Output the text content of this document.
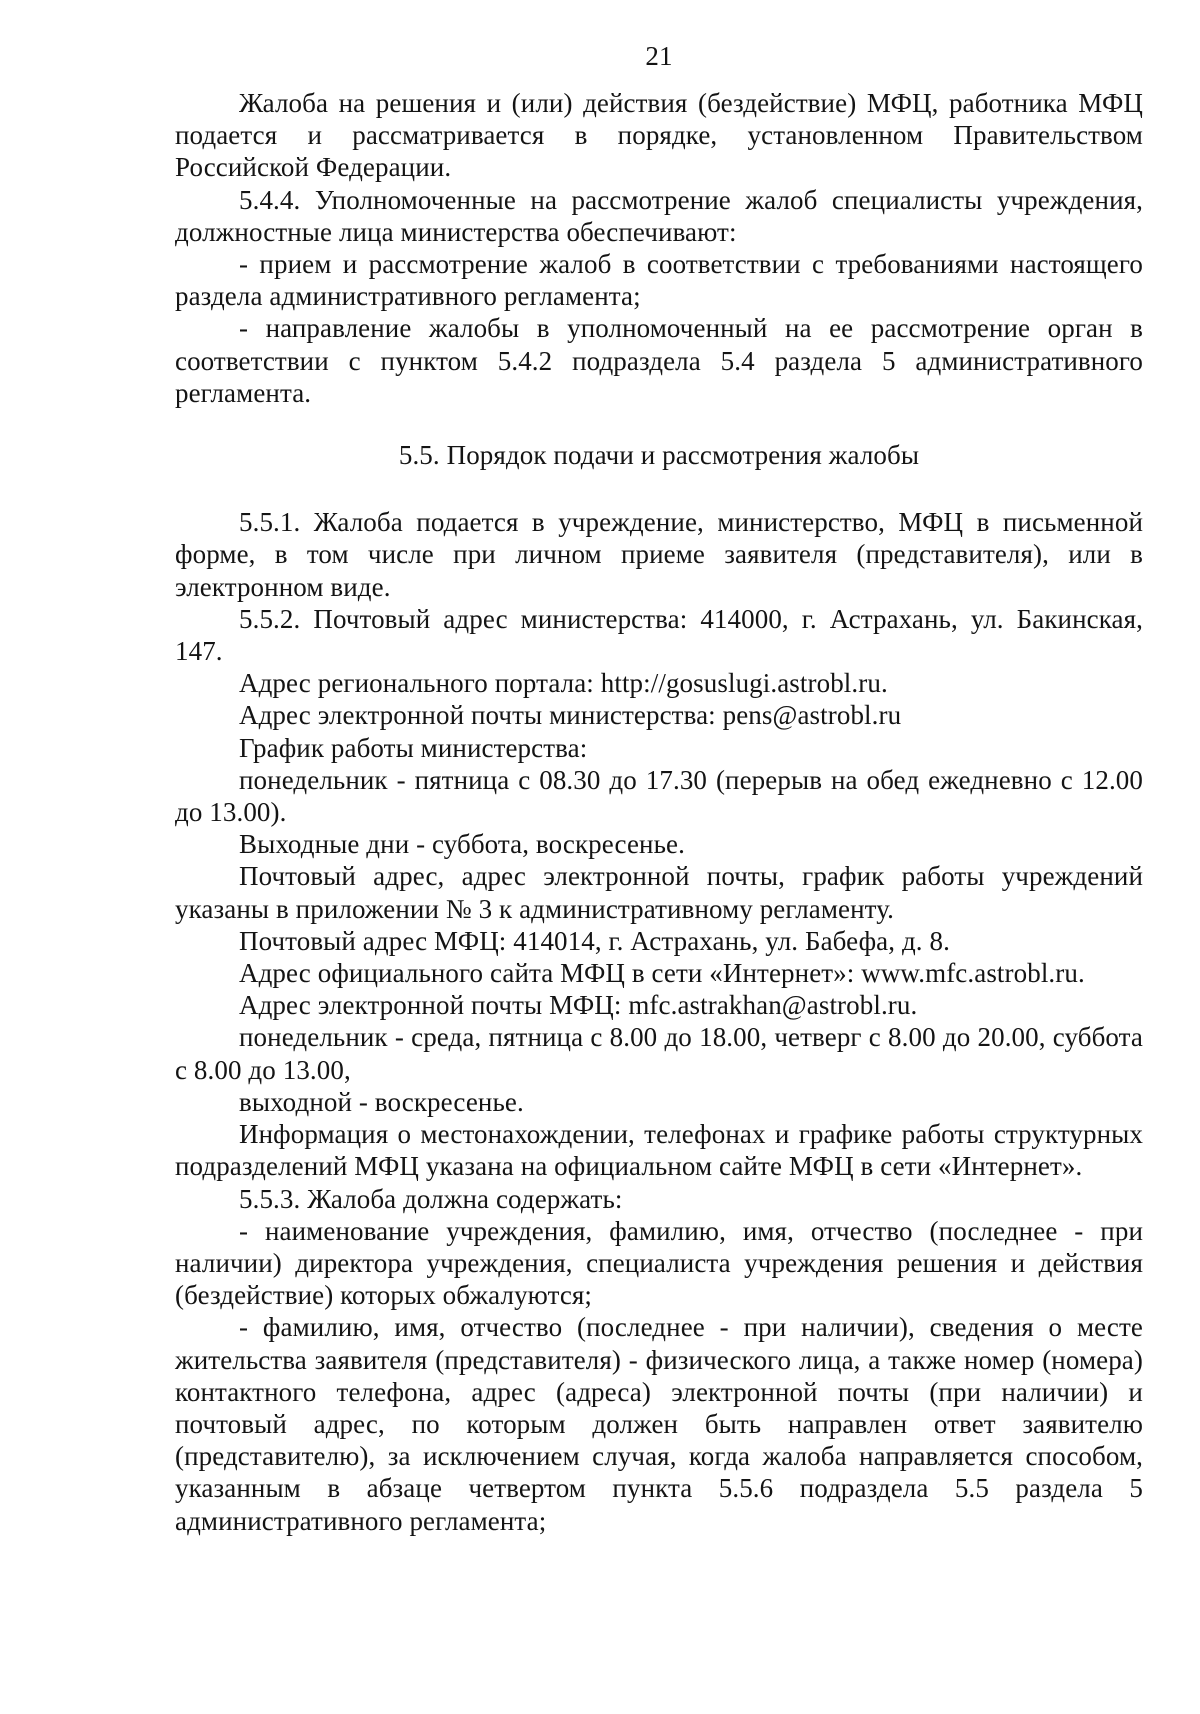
21

Жалоба на решения и (или) действия (бездействие) МФЦ, работника МФЦ подается и рассматривается в порядке, установленном Правительством Российской Федерации.

5.4.4. Уполномоченные на рассмотрение жалоб специалисты учреждения, должностные лица министерства обеспечивают:

- прием и рассмотрение жалоб в соответствии с требованиями настоящего раздела административного регламента;

- направление жалобы в уполномоченный на ее рассмотрение орган в соответствии с пунктом 5.4.2 подраздела 5.4 раздела 5 административного регламента.

5.5. Порядок подачи и рассмотрения жалобы

5.5.1. Жалоба подается в учреждение, министерство, МФЦ в письменной форме, в том числе при личном приеме заявителя (представителя), или в электронном виде.

5.5.2. Почтовый адрес министерства: 414000, г. Астрахань, ул. Бакинская, 147.

Адрес регионального портала: http://gosuslugi.astrobl.ru.

Адрес электронной почты министерства: pens@astrobl.ru

График работы министерства:

понедельник - пятница с 08.30 до 17.30 (перерыв на обед ежедневно с 12.00 до 13.00).

Выходные дни - суббота, воскресенье.

Почтовый адрес, адрес электронной почты, график работы учреждений указаны в приложении № 3 к административному регламенту.

Почтовый адрес МФЦ: 414014, г. Астрахань, ул. Бабефа, д. 8.

Адрес официального сайта МФЦ в сети «Интернет»: www.mfc.astrobl.ru.

Адрес электронной почты МФЦ: mfc.astrakhan@astrobl.ru.

понедельник - среда, пятница с 8.00 до 18.00, четверг с 8.00 до 20.00, суббота с 8.00 до 13.00,

выходной - воскресенье.

Информация о местонахождении, телефонах и графике работы структурных подразделений МФЦ указана на официальном сайте МФЦ в сети «Интернет».

5.5.3. Жалоба должна содержать:

- наименование учреждения, фамилию, имя, отчество (последнее - при наличии) директора учреждения, специалиста учреждения решения и действия (бездействие) которых обжалуются;

- фамилию, имя, отчество (последнее - при наличии), сведения о месте жительства заявителя (представителя) - физического лица, а также номер (номера) контактного телефона, адрес (адреса) электронной почты (при наличии) и почтовый адрес, по которым должен быть направлен ответ заявителю (представителю), за исключением случая, когда жалоба направляется способом, указанным в абзаце четвертом пункта 5.5.6 подраздела 5.5 раздела 5 административного регламента;
